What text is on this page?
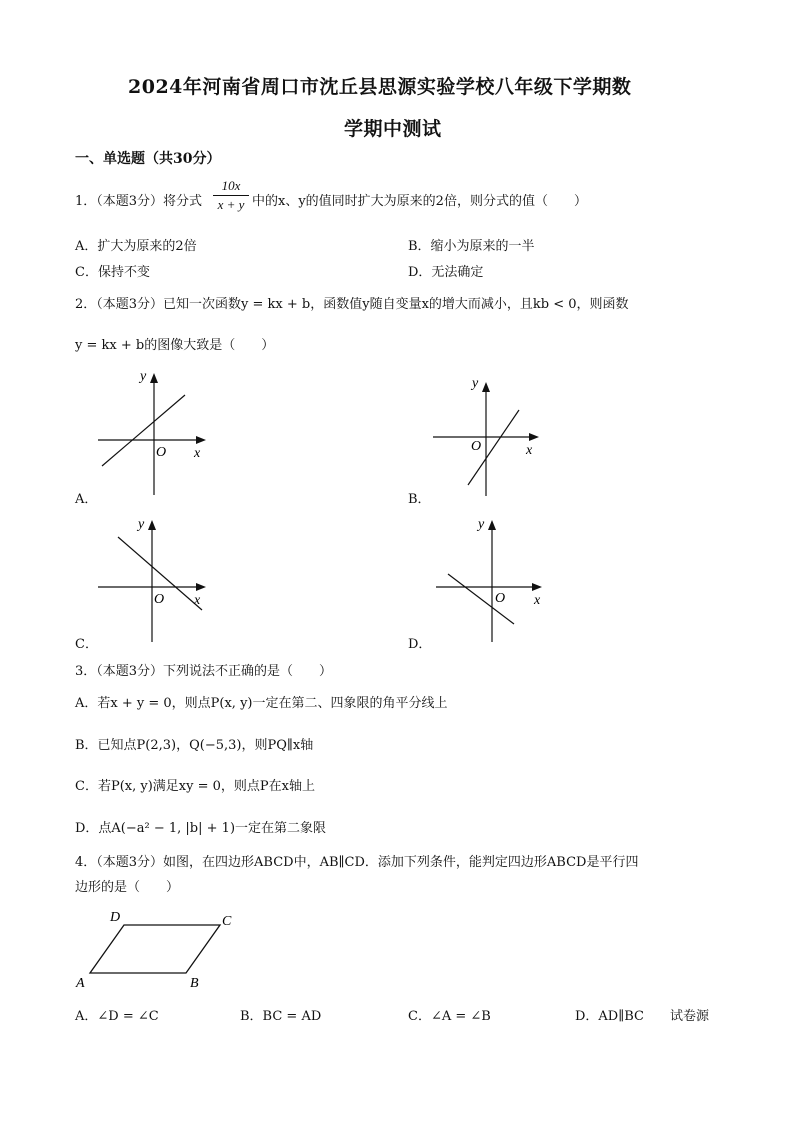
2024年河南省周口市沈丘县思源实验学校八年级下学期数
学期中测试
一、单选题（共30分）
1．（本题3分）将分式
10x
x + y 中的x、y的值同时扩大为原来的2倍，则分式的值（　　）
A．扩大为原来的2倍	B．缩小为原来的一半
C．保持不变	D．无法确定
2．（本题3分）已知一次函数y = kx + b，函数值y随自变量x的增大而减小，且kb < 0，则函数
y = kx + b的图像大致是（　　）
y
x
O
A．
y
x
O
B．
y
x
O
C．
y
x
O
D．
3．（本题3分）下列说法不正确的是（　　）
A．若x + y = 0，则点P(x, y)一定在第二、四象限的角平分线上
B．已知点P(2,3)，Q(−5,3)，则PQ∥x轴
C．若P(x, y)满足xy = 0，则点P在x轴上
D．点A(−a² − 1, |b| + 1)一定在第二象限
4．（本题3分）如图，在四边形ABCD中，AB∥CD．添加下列条件，能判定四边形ABCD是平行四
边形的是（　　）
A	B
C
D
A．∠D = ∠C	B．BC = AD	C．∠A = ∠B	D．AD∥BC 试卷源
